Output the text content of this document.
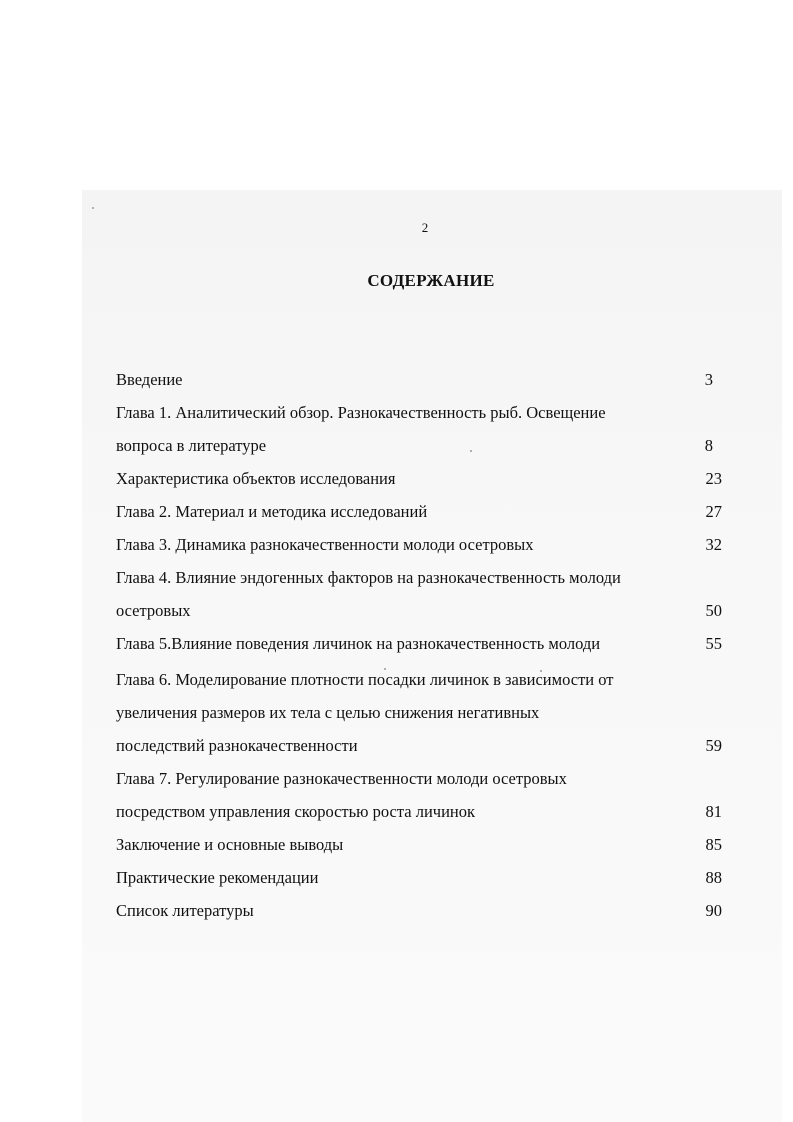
2
СОДЕРЖАНИЕ
Введение	3
Глава 1. Аналитический обзор. Разнокачественность рыб. Освещение
вопроса в литературе	8
Характеристика объектов исследования	23
Глава 2. Материал и методика исследований	27
Глава 3. Динамика разнокачественности молоди осетровых	32
Глава 4. Влияние эндогенных факторов на разнокачественность молоди
осетровых	50
Глава 5.Влияние поведения личинок на разнокачественность молоди	55
Глава 6. Моделирование плотности посадки личинок в зависимости от
увеличения размеров их тела с целью снижения негативных
последствий разнокачественности	59
Глава 7. Регулирование разнокачественности молоди осетровых
посредством управления скоростью роста личинок	81
Заключение и основные выводы	85
Практические рекомендации	88
Список литературы	90
